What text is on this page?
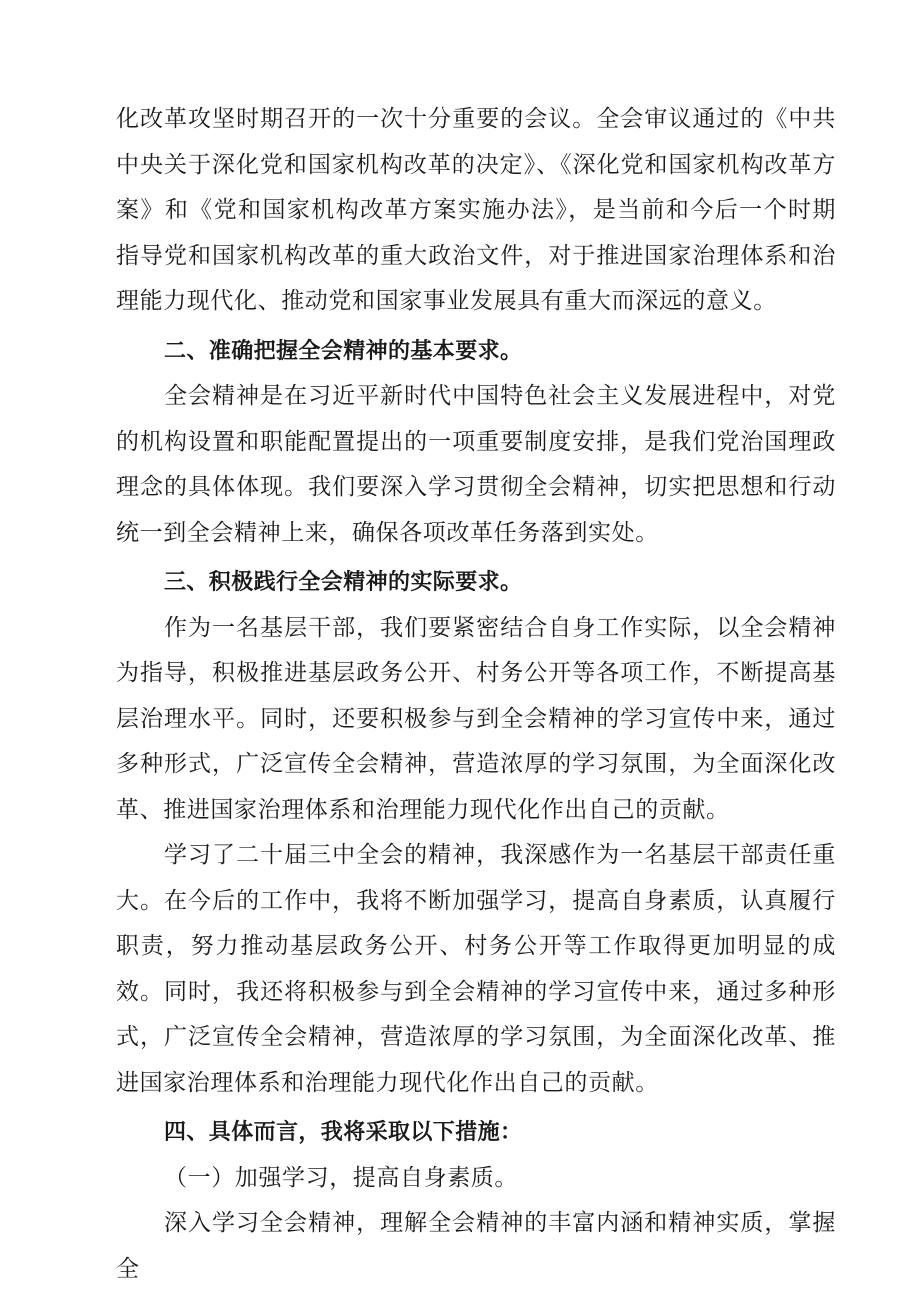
化改革攻坚时期召开的一次十分重要的会议。全会审议通过的《中共中央关于深化党和国家机构改革的决定》、《深化党和国家机构改革方案》和《党和国家机构改革方案实施办法》，是当前和今后一个时期指导党和国家机构改革的重大政治文件，对于推进国家治理体系和治理能力现代化、推动党和国家事业发展具有重大而深远的意义。

二、准确把握全会精神的基本要求。

全会精神是在习近平新时代中国特色社会主义发展进程中，对党的机构设置和职能配置提出的一项重要制度安排，是我们党治国理政理念的具体体现。我们要深入学习贯彻全会精神，切实把思想和行动统一到全会精神上来，确保各项改革任务落到实处。

三、积极践行全会精神的实际要求。

作为一名基层干部，我们要紧密结合自身工作实际，以全会精神为指导，积极推进基层政务公开、村务公开等各项工作，不断提高基层治理水平。同时，还要积极参与到全会精神的学习宣传中来，通过多种形式，广泛宣传全会精神，营造浓厚的学习氛围，为全面深化改革、推进国家治理体系和治理能力现代化作出自己的贡献。

学习了二十届三中全会的精神，我深感作为一名基层干部责任重大。在今后的工作中，我将不断加强学习，提高自身素质，认真履行职责，努力推动基层政务公开、村务公开等工作取得更加明显的成效。同时，我还将积极参与到全会精神的学习宣传中来，通过多种形式，广泛宣传全会精神，营造浓厚的学习氛围，为全面深化改革、推进国家治理体系和治理能力现代化作出自己的贡献。

四、具体而言，我将采取以下措施：

（一）加强学习，提高自身素质。

深入学习全会精神，理解全会精神的丰富内涵和精神实质，掌握全
